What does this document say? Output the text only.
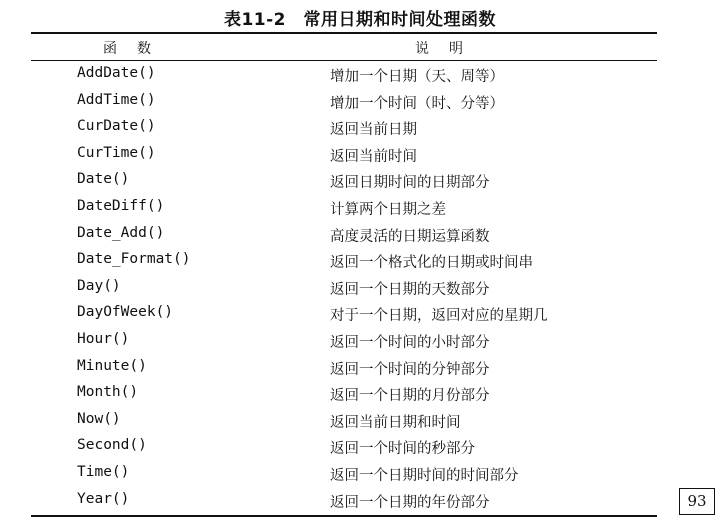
表11-2　常用日期和时间处理函数
函数	说明
AddDate()	增加一个日期（天、周等）
AddTime()	增加一个时间（时、分等）
CurDate()	返回当前日期
CurTime()	返回当前时间
Date()	返回日期时间的日期部分
DateDiff()	计算两个日期之差
Date_Add()	高度灵活的日期运算函数
Date_Format()	返回一个格式化的日期或时间串
Day()	返回一个日期的天数部分
DayOfWeek()	对于一个日期，返回对应的星期几
Hour()	返回一个时间的小时部分
Minute()	返回一个时间的分钟部分
Month()	返回一个日期的月份部分
Now()	返回当前日期和时间
Second()	返回一个时间的秒部分
Time()	返回一个日期时间的时间部分
Year()	返回一个日期的年份部分	93
